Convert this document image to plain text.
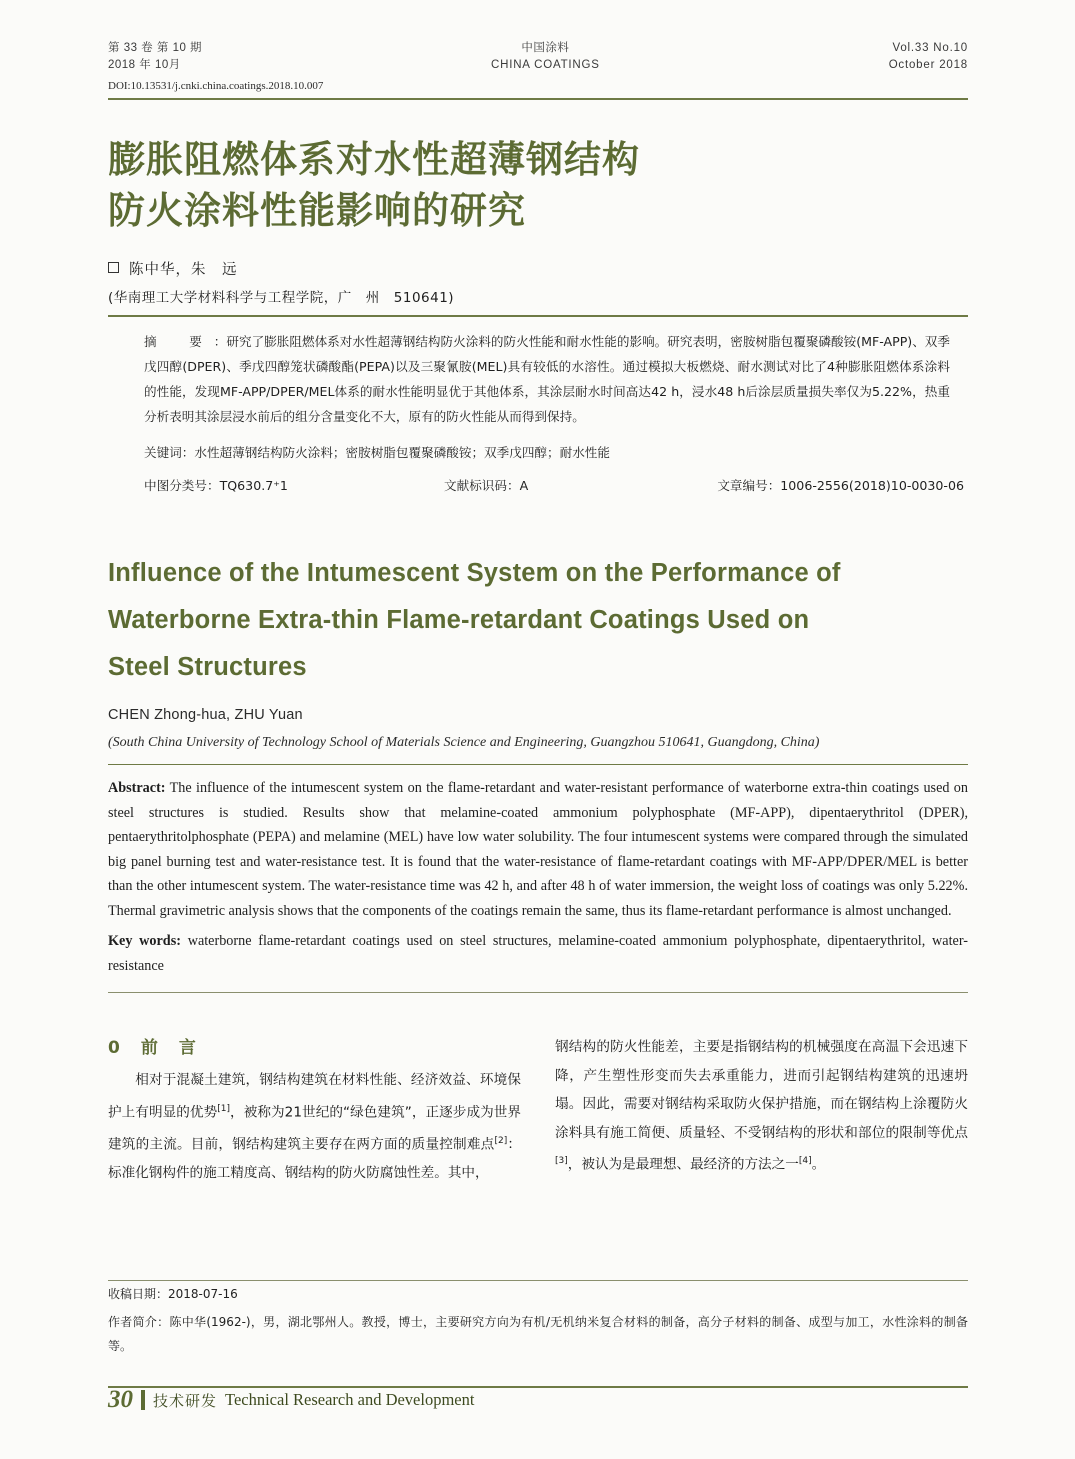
第 33 卷 第 10 期
2018 年 10月
中国涂料
CHINA COATINGS
Vol.33 No.10
October 2018
DOI:10.13531/j.cnki.china.coatings.2018.10.007
膨胀阻燃体系对水性超薄钢结构
防火涂料性能影响的研究
陈中华，朱　远
(华南理工大学材料科学与工程学院，广　州　510641)
摘　要 ：研究了膨胀阻燃体系对水性超薄钢结构防火涂料的防火性能和耐水性能的影响。研究表明，密胺树脂包覆聚磷酸铵(MF-APP)、双季戊四醇(DPER)、季戊四醇笼状磷酸酯(PEPA)以及三聚氰胺(MEL)具有较低的水溶性。通过模拟大板燃烧、耐水测试对比了4种膨胀阻燃体系涂料的性能，发现MF-APP/DPER/MEL体系的耐水性能明显优于其他体系，其涂层耐水时间高达42 h，浸水48 h后涂层质量损失率仅为5.22%，热重分析表明其涂层浸水前后的组分含量变化不大，原有的防火性能从而得到保持。
关键词：水性超薄钢结构防火涂料；密胺树脂包覆聚磷酸铵；双季戊四醇；耐水性能
中图分类号：TQ630.7⁺1	文献标识码：A	文章编号：1006-2556(2018)10-0030-06
Influence of the Intumescent System on the Performance of
Waterborne Extra-thin Flame-retardant Coatings Used on
Steel Structures
CHEN Zhong-hua, ZHU Yuan
(South China University of Technology School of Materials Science and Engineering, Guangzhou 510641, Guangdong, China)
Abstract: The influence of the intumescent system on the flame-retardant and water-resistant performance of waterborne extra-thin coatings used on steel structures is studied. Results show that melamine-coated ammonium polyphosphate (MF-APP), dipentaerythritol (DPER), pentaerythritolphosphate (PEPA) and melamine (MEL) have low water solubility. The four intumescent systems were compared through the simulated big panel burning test and water-resistance test. It is found that the water-resistance of flame-retardant coatings with MF-APP/DPER/MEL is better than the other intumescent system. The water-resistance time was 42 h, and after 48 h of water immersion, the weight loss of coatings was only 5.22%. Thermal gravimetric analysis shows that the components of the coatings remain the same, thus its flame-retardant performance is almost unchanged.
Key words: waterborne flame-retardant coatings used on steel structures, melamine-coated ammonium polyphosphate, dipentaerythritol, water-resistance
0　前　言
相对于混凝土建筑，钢结构建筑在材料性能、经济效益、环境保护上有明显的优势[1]，被称为21世纪的“绿色建筑”，正逐步成为世界建筑的主流。目前，钢结构建筑主要存在两方面的质量控制难点[2]：标准化钢构件的施工精度高、钢结构的防火防腐蚀性差。其中，
钢结构的防火性能差，主要是指钢结构的机械强度在高温下会迅速下降，产生塑性形变而失去承重能力，进而引起钢结构建筑的迅速坍塌。因此，需要对钢结构采取防火保护措施，而在钢结构上涂覆防火涂料具有施工简便、质量轻、不受钢结构的形状和部位的限制等优点[3]，被认为是最理想、最经济的方法之一[4]。
收稿日期：2018-07-16
作者简介：陈中华(1962-)，男，湖北鄂州人。教授，博士，主要研究方向为有机/无机纳米复合材料的制备，高分子材料的制备、成型与加工，水性涂料的制备等。
30 技术研发 Technical Research and Development
